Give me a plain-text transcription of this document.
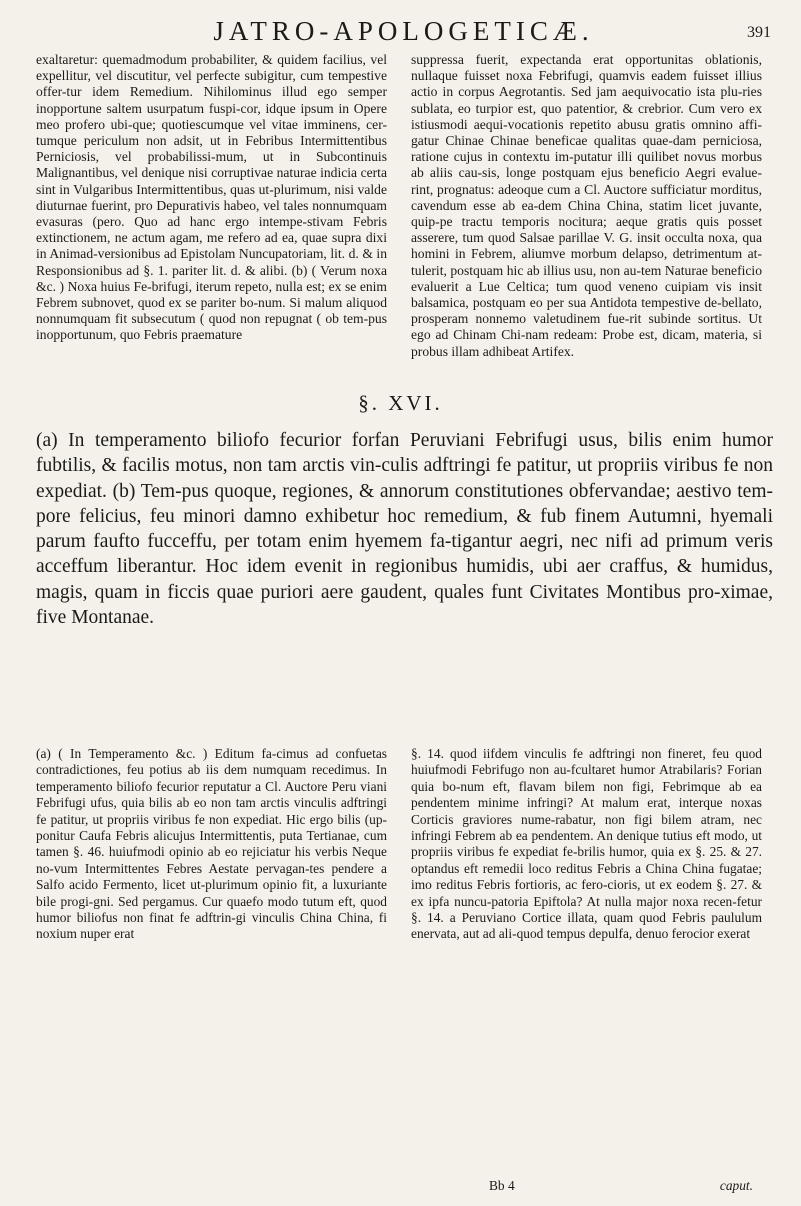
JATRO-APOLOGETICÆ.	391

exaltaretur: quemadmodum probabiliter, & quidem facilius, vel expellitur, vel discutitur, vel perfecte subigitur, cum tempestive offer-tur idem Remedium. Nihilominus illud ego semper inopportune saltem usurpatum fuspi-cor, idque ipsum in Opere meo profero ubi-que; quotiescumque vel vitae imminens, cer-tumque periculum non adsit, ut in Febribus Intermittentibus Perniciosis, vel probabilissi-mum, ut in Subcontinuis Malignantibus, vel denique nisi corruptivae naturae indicia certa sint in Vulgaribus Intermittentibus, quas ut-plurimum, nisi valde diuturnae fuerint, pro Depurativis habeo, vel tales nonnumquam evasuras (pero. Quo ad hanc ergo intempe-stivam Febris extinctionem, ne actum agam, me refero ad ea, quae supra dixi in Animad-versionibus ad Epistolam Nuncupatoriam, lit. d. & in Responsionibus ad §. 1. pariter lit. d. & alibi. (b) ( Verum noxa &c. ) Noxa huius Fe-brifugi, iterum repeto, nulla est; ex se enim Febrem subnovet, quod ex se pariter bo-num. Si malum aliquod nonnumquam fit subsecutum ( quod non repugnat ( ob tem-pus inopportunum, quo Febris praemature

suppressa fuerit, expectanda erat opportunitas oblationis, nullaque fuisset noxa Febrifugi, quamvis eadem fuisset illius actio in corpus Aegrotantis. Sed jam aequivocatio ista plu-ries sublata, eo turpior est, quo patentior, & crebrior. Cum vero ex istiusmodi aequi-vocationis repetito abusu gratis omnino affi-gatur Chinae Chinae beneficae qualitas quae-dam perniciosa, ratione cujus in contextu im-putatur illi quilibet novus morbus ab aliis cau-sis, longe postquam ejus beneficio Aegri evalue-rint, prognatus: adeoque cum a Cl. Auctore sufficiatur morditus, cavendum esse ab ea-dem China China, statim licet juvante, quip-pe tractu temporis nocitura; aeque gratis quis posset asserere, tum quod Salsae parillae V. G. insit occulta noxa, qua homini in Febrem, aliumve morbum delapso, detrimentum at-tulerit, postquam hic ab illius usu, non au-tem Naturae beneficio evaluerit a Lue Celtica; tum quod veneno cuipiam vis insit balsamica, postquam eo per sua Antidota tempestive de-bellato, prosperam nonnemo valetudinem fue-rit subinde sortitus. Ut ego ad Chinam Chi-nam redeam: Probe est, dicam, materia, si probus illam adhibeat Artifex.

§. XVI.

(a) In temperamento biliofo fecurior forfan Peruviani Febrifugi usus, bilis enim humor fubtilis, & facilis motus, non tam arctis vin-culis adftringi fe patitur, ut propriis viribus fe non expediat. (b) Tem-pus quoque, regiones, & annorum constitutiones obfervandae; aestivo tem-pore felicius, feu minori damno exhibetur hoc remedium, & fub finem Autumni, hyemali parum faufto fucceffu, per totam enim hyemem fa-tigantur aegri, nec nifi ad primum veris acceffum liberantur. Hoc idem evenit in regionibus humidis, ubi aer craffus, & humidus, magis, quam in ficcis quae puriori aere gaudent, quales funt Civitates Montibus pro-ximae, five Montanae.

(a) ( In Temperamento &c. ) Editum fa-cimus ad confuetas contradictiones, feu potius ab iis dem numquam recedimus. In temperamento biliofo fecurior reputatur a Cl. Auctore Peru viani Febrifugi ufus, quia bilis ab eo non tam arctis vinculis adftringi fe patitur, ut propriis viribus fe non expediat. Hic ergo bilis (up-ponitur Caufa Febris alicujus Intermittentis, puta Tertianae, cum tamen §. 46. huiufmodi opinio ab eo rejiciatur his verbis Neque no-vum Intermittentes Febres Aestate pervagan-tes pendere a Salfo acido Fermento, licet ut-plurimum opinio fit, a luxuriante bile progi-gni. Sed pergamus. Cur quaefo modo tutum eft, quod humor biliofus non finat fe adftrin-gi vinculis China China, fi noxium nuper erat

§. 14. quod iifdem vinculis fe adftringi non fineret, feu quod huiufmodi Febrifugo non au-fcultaret humor Atrabilaris? Forian quia bo-num eft, flavam bilem non figi, Febrimque ab ea pendentem minime infringi? At malum erat, interque noxas Corticis graviores nume-rabatur, non figi bilem atram, nec infringi Febrem ab ea pendentem. An denique tutius eft modo, ut propriis viribus fe expediat fe-brilis humor, quia ex §. 25. & 27. optandus eft remedii loco reditus Febris a China China fugatae; imo reditus Febris fortioris, ac fero-cioris, ut ex eodem §. 27. & ex ipfa nuncu-patoria Epiftola? At nulla major noxa recen-fetur §. 14. a Peruviano Cortice illata, quam quod Febris paululum enervata, aut ad ali-quod tempus depulfa, denuo ferocior exerat

Bb 4	caput.
